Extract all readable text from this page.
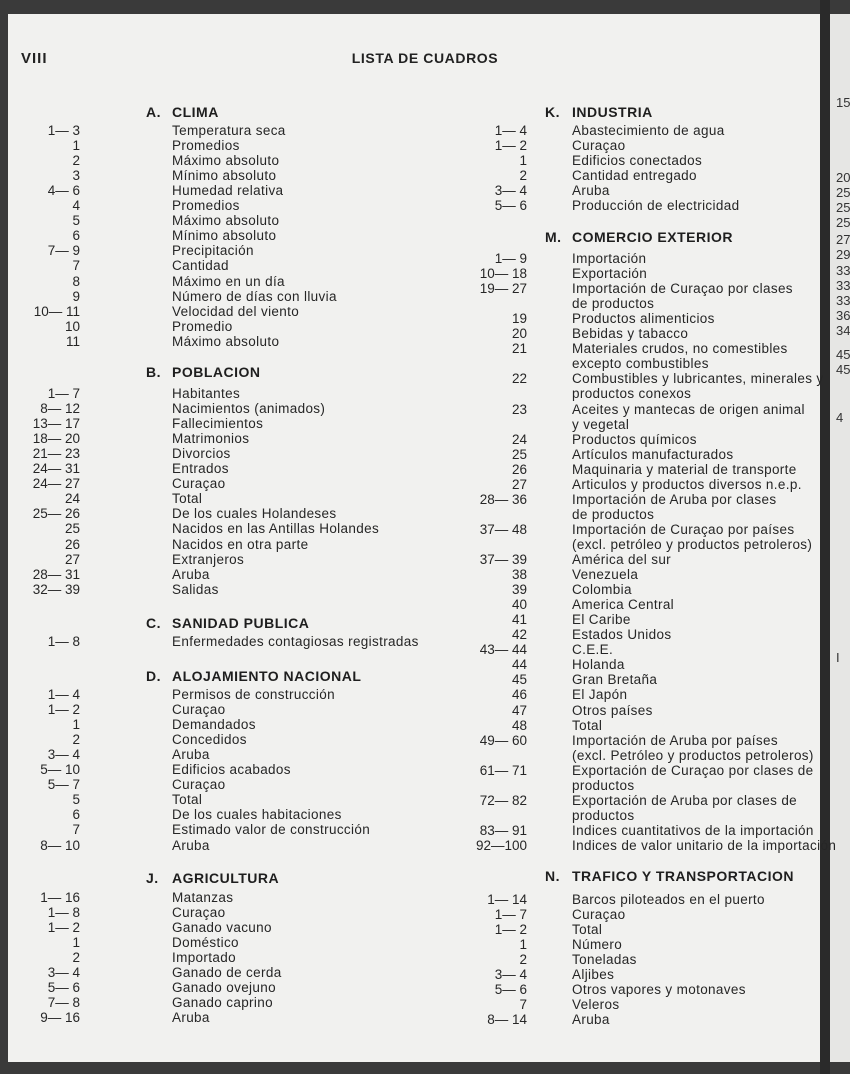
15
20
25
25
25
27
29
33
33
33
36
34
45
45
4
I
VIII	LISTA DE CUADROS
A. CLIMA
1— 3	Temperatura seca
1	Promedios
2	Máximo absoluto
3	Mínimo absoluto
4— 6	Humedad relativa
4	Promedios
5	Máximo absoluto
6	Mínimo absoluto
7— 9	Precipitación
7	Cantidad
8	Máximo en un día
9	Número de días con lluvia
10— 11	Velocidad del viento
10	Promedio
11	Máximo absoluto
B. POBLACION
1— 7	Habitantes
8— 12	Nacimientos (animados)
13— 17	Fallecimientos
18— 20	Matrimonios
21— 23	Divorcios
24— 31	Entrados
24— 27	Curaçao
24	Total
25— 26	De los cuales Holandeses
25	Nacidos en las Antillas Holandes
26	Nacidos en otra parte
27	Extranjeros
28— 31	Aruba
32— 39	Salidas
C. SANIDAD PUBLICA
1— 8	Enfermedades contagiosas registradas
D. ALOJAMIENTO NACIONAL
1— 4	Permisos de construcción
1— 2	Curaçao
1	Demandados
2	Concedidos
3— 4	Aruba
5— 10	Edificios acabados
5— 7	Curaçao
5	Total
6	De los cuales habitaciones
7	Estimado valor de construcción
8— 10	Aruba
J. AGRICULTURA
1— 16	Matanzas
1— 8	Curaçao
1— 2	Ganado vacuno
1	Doméstico
2	Importado
3— 4	Ganado de cerda
5— 6	Ganado ovejuno
7— 8	Ganado caprino
9— 16	Aruba
K. INDUSTRIA
1— 4	Abastecimiento de agua
1— 2	Curaçao
1	Edificios conectados
2	Cantidad entregado
3— 4	Aruba
5— 6	Producción de electricidad
M. COMERCIO EXTERIOR
1— 9	Importación
10— 18	Exportación
19— 27	Importación de Curaçao por clases
de productos
19	Productos alimenticios
20	Bebidas y tabacco
21	Materiales crudos, no comestibles
excepto combustibles
22	Combustibles y lubricantes, minerales y
productos conexos
23	Aceites y mantecas de origen animal
y vegetal
24	Productos químicos
25	Artículos manufacturados
26	Maquinaria y material de transporte
27	Articulos y productos diversos n.e.p.
28— 36	Importación de Aruba por clases
de productos
37— 48	Importación de Curaçao por países
(excl. petróleo y productos petroleros)
37— 39	América del sur
38	Venezuela
39	Colombia
40	America Central
41	El Caribe
42	Estados Unidos
43— 44	C.E.E.
44	Holanda
45	Gran Bretaña
46	El Japón
47	Otros países
48	Total
49— 60	Importación de Aruba por países
(excl. Petróleo y productos petroleros)
61— 71	Exportación de Curaçao por clases de
productos
72— 82	Exportación de Aruba por clases de
productos
83— 91	Indices cuantitativos de la importación
92—100	Indices de valor unitario de la importación
N. TRAFICO Y TRANSPORTACION
1— 14	Barcos piloteados en el puerto
1— 7	Curaçao
1— 2	Total
1	Número
2	Toneladas
3— 4	Aljibes
5— 6	Otros vapores y motonaves
7	Veleros
8— 14	Aruba
